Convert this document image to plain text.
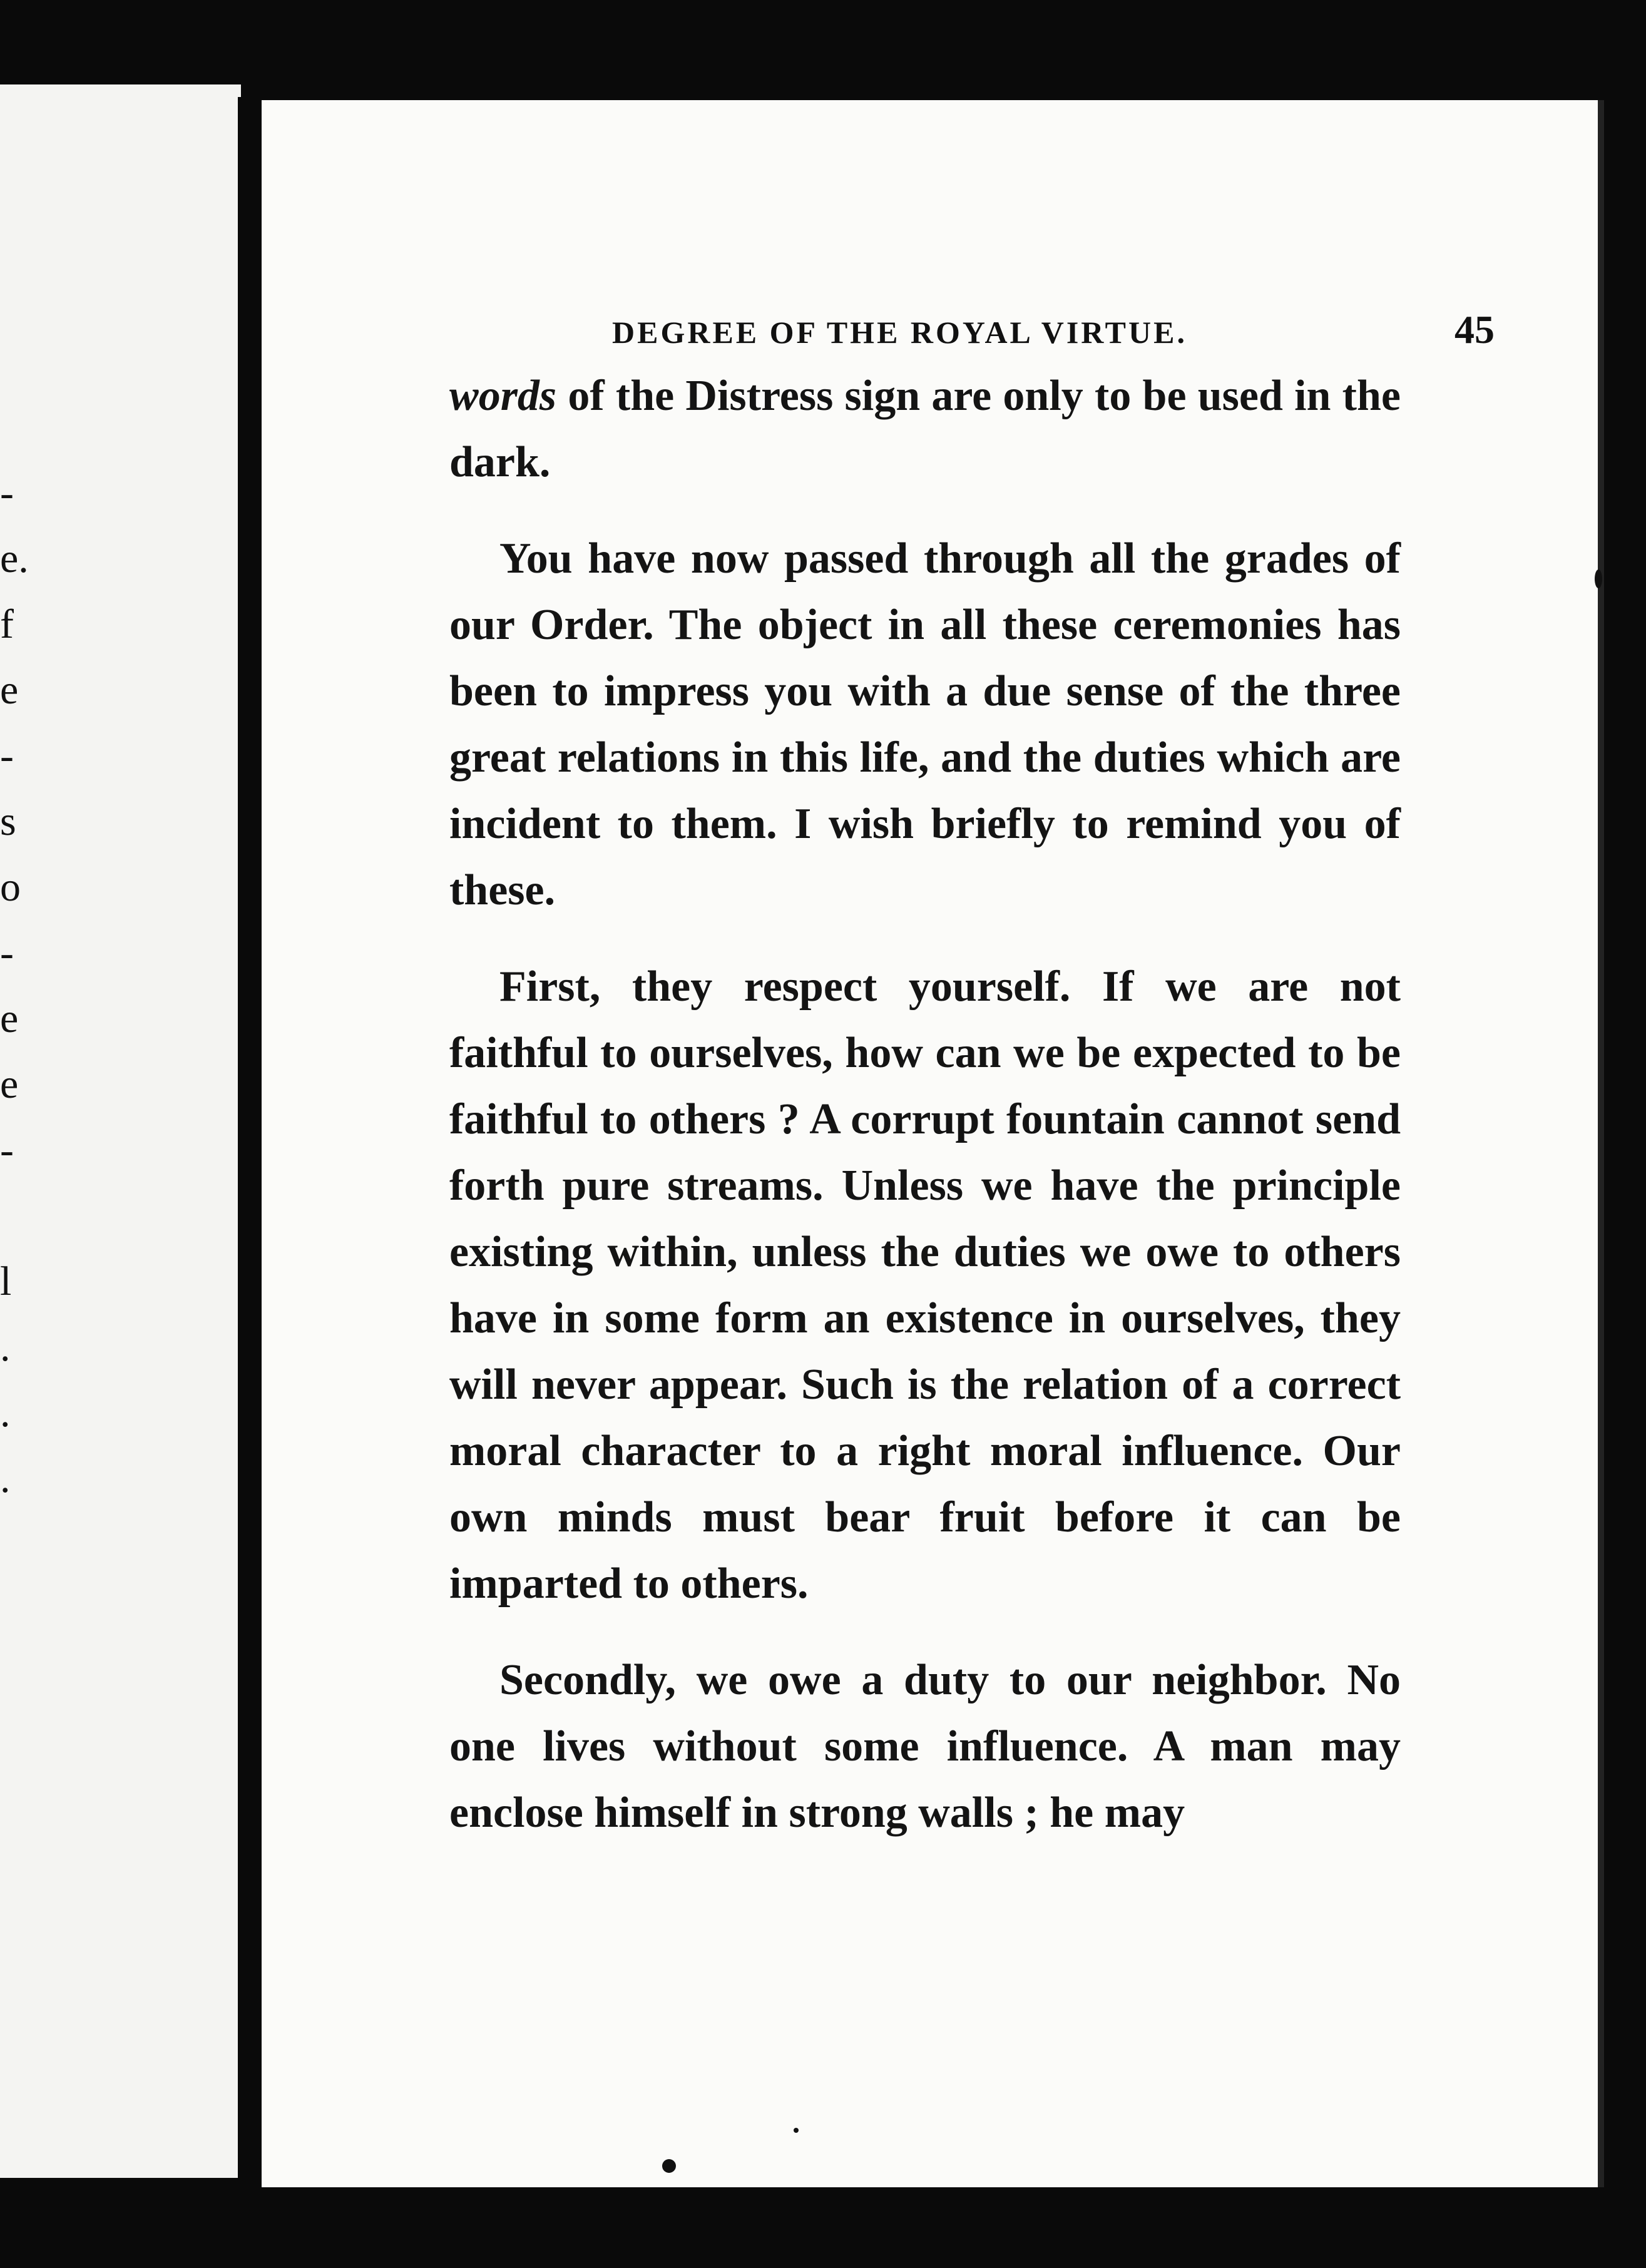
-
e.
f
e
-
s
o
-
e
e
-
l
.
.
.
DEGREE OF THE ROYAL VIRTUE.	45

words of the Distress sign are only to be used in the dark.

You have now passed through all the grades of our Order. The object in all these ceremonies has been to impress you with a due sense of the three great relations in this life, and the duties which are incident to them. I wish briefly to remind you of these.

First, they respect yourself. If we are not faithful to ourselves, how can we be expected to be faithful to others ? A corrupt fountain cannot send forth pure streams. Unless we have the principle existing within, unless the duties we owe to others have in some form an existence in ourselves, they will never appear. Such is the relation of a correct moral character to a right moral influence. Our own minds must bear fruit before it can be imparted to others.

Secondly, we owe a duty to our neighbor. No one lives without some influence. A man may enclose himself in strong walls ; he may
